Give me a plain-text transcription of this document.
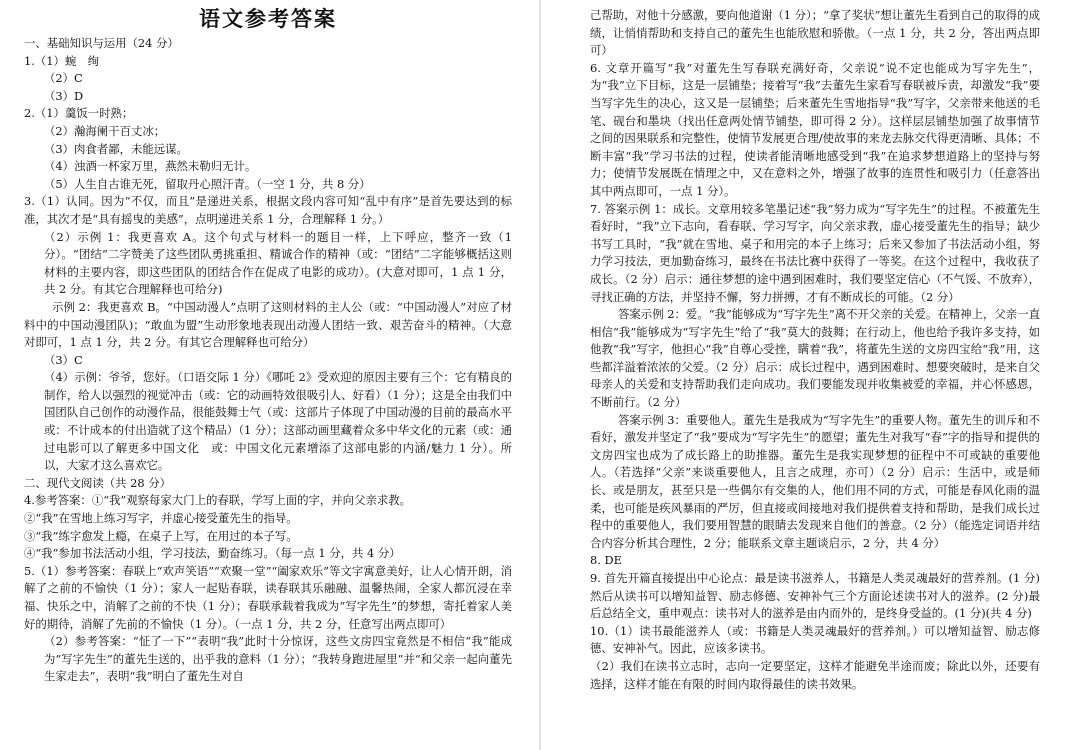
语文参考答案
一、基础知识与运用（24 分）
1.（1）蜿　绚
（2）C
（3）D
2.（1）羹饭一时熟；
（2）瀚海阑干百丈冰；
（3）肉食者鄙，未能远谋。
（4）浊酒一杯家万里，燕然未勒归无计。
（5）人生自古谁无死，留取丹心照汗青。（一空 1 分，共 8 分）
3.（1）认同。因为“不仅，而且”是递进关系，根据文段内容可知“乱中有序”是首先要达到的标准，其次才是“具有摇曳的美感”，点明递进关系 1 分，合理解释 1 分。）
（2）示例 1：我更喜欢 A。这个句式与材料一的题目一样，上下呼应，整齐一致（1 分）。“团结”二字赞美了这些团队勇挑重担、精诚合作的精神（或：“团结”二字能够概括这则材料的主要内容，即这些团队的团结合作在促成了电影的成功）。(大意对即可，1 点 1 分，共 2 分。有其它合理解释也可给分)
示例 2：我更喜欢 B。“中国动漫人”点明了这则材料的主人公（或：“中国动漫人”对应了材料中的中国动漫团队)；“敢血为盟”生动形象地表现出动漫人团结一致、艰苦奋斗的精神。（大意对即可，1 点 1 分，共 2 分。有其它合理解释也可给分）
（3）C
（4）示例：爷爷，您好。（口语交际 1 分）《哪吒 2》受欢迎的原因主要有三个：它有精良的制作，给人以强烈的视觉冲击（或：它的动画特效很吸引人、好看）（1 分）；这是全由我们中国团队自己创作的动漫作品，很能鼓舞士气（或：这部片子体现了中国动漫的目前的最高水平　或：不计成本的付出造就了这个精品）（1 分）；这部动画里藏着众多中华文化的元素（或：通过电影可以了解更多中国文化　或：中国文化元素增添了这部电影的内涵/魅力 1 分）。所以，大家才这么喜欢它。
二、现代文阅读（共 28 分）
4.参考答案：①“我”观察每家大门上的春联，学写上面的字，并向父亲求教。
②“我”在雪地上练习写字，并虚心接受董先生的指导。
③“我”练字愈发上瘾，在桌子上写，在用过的本子写。
④“我”参加书法活动小组，学习技法，勤奋练习。（每一点 1 分，共 4 分）
5.（1）参考答案：春联上“欢声笑语”“欢聚一堂”“阖家欢乐”等文字寓意美好，让人心情开朗，消解了之前的不愉快（1 分）；家人一起贴春联，读春联其乐融融、温馨热闹，全家人都沉浸在幸福、快乐之中，消解了之前的不快（1 分）；春联承载着我成为“写字先生”的梦想，寄托着家人美好的期待，消解了先前的不愉快（1 分）。（一点 1 分，共 2 分，任意写出两点即可）
（2）参考答案：“怔了一下”“表明“我”此时十分惊讶，这些文房四宝竟然是不相信“我”能成为“写字先生”的董先生送的，出乎我的意料（1 分）；“我转身跑进屋里”并“和父亲一起向董先生家走去”，表明“我”明白了董先生对自
己帮助，对他十分感激，要向他道谢（1 分）；“拿了奖状”想让董先生看到自己的取得的成绩，让悄悄帮助和支持自己的董先生也能欣慰和骄傲。（一点 1 分，共 2 分，答出两点即可）
6. 文章开篇写“我”对董先生写春联充满好奇，父亲说“说不定也能成为写字先生”，为“我”立下目标，这是一层铺垫；接着写“我”去董先生家看写春联被斥责，却激发“我”要当写字先生的决心，这又是一层铺垫；后来董先生雪地指导“我”写字，父亲带来他送的毛笔、砚台和墨块（找出任意两处情节铺垫，即可得 2 分）。这样层层铺垫加强了故事情节之间的因果联系和完整性，使情节发展更合理/使故事的来龙去脉交代得更清晰、具体；不断丰富“我”学习书法的过程，使读者能清晰地感受到“我”在追求梦想道路上的坚持与努力；使情节发展既在情理之中，又在意料之外，增强了故事的连贯性和吸引力（任意答出其中两点即可，一点 1 分）。
7. 答案示例 1：成长。文章用较多笔墨记述“我”努力成为“写字先生”的过程。不被董先生看好时，“我”立下志向，看春联、学习写字，向父亲求教，虚心接受董先生的指导；缺少书写工具时，“我”就在雪地、桌子和用完的本子上练习；后来又参加了书法活动小组，努力学习技法，更加勤奋练习，最终在书法比赛中获得了一等奖。在这个过程中，我收获了成长。（2 分）启示：通往梦想的途中遇到困难时，我们要坚定信心（不气馁、不放弃），寻找正确的方法，并坚持不懈，努力拼搏，才有不断成长的可能。（2 分）
答案示例 2：爱。“我”能够成为“写字先生”离不开父亲的关爱。在精神上，父亲一直相信“我”能够成为“写字先生”给了“我”莫大的鼓舞；在行动上，他也给予我许多支持，如他教“我”写字，他担心“我”自尊心受挫，瞒着“我”，将董先生送的文房四宝给“我”用，这些都洋溢着浓浓的父爱。（2 分）启示：成长过程中，遇到困难时、想要突破时，是来自父母亲人的关爱和支持帮助我们走向成功。我们要能发现并收集被爱的幸福，并心怀感恩，不断前行。（2 分）
答案示例 3：重要他人。董先生是我成为“写字先生”的重要人物。董先生的训斥和不看好，激发并坚定了“我”要成为“写字先生”的愿望；董先生对我写“春”字的指导和提供的文房四宝也成为了成长路上的助推器。董先生是我实现梦想的征程中不可或缺的重要他人。（若选择“父亲”来谈重要他人，且言之成理，亦可）（2 分）启示：生活中，或是师长、或是朋友，甚至只是一些偶尔有交集的人，他们用不同的方式，可能是春风化雨的温柔，也可能是疾风暴雨的严厉，但直接或间接地对我们提供着支持和帮助，是我们成长过程中的重要他人，我们要用智慧的眼睛去发现来自他们的善意。（2 分）（能选定词语并结合内容分析其合理性，2 分；能联系文章主题谈启示，2 分，共 4 分）
8. DE
9. 首先开篇直接提出中心论点：最是读书滋养人，书籍是人类灵魂最好的营养剂。(1 分)然后从读书可以增知益智、励志修德、安神补气三个方面论述读书对人的滋养。(2 分)最后总结全文，重申观点：读书对人的滋养是由内而外的，是终身受益的。(1 分)(共 4 分)
10.（1）读书最能滋养人（或：书籍是人类灵魂最好的营养剂。）可以增知益智、励志修德、安神补气。因此，应该多读书。
（2）我们在读书立志时，志向一定要坚定，这样才能避免半途而废；除此以外，还要有选择，这样才能在有限的时间内取得最佳的读书效果。
